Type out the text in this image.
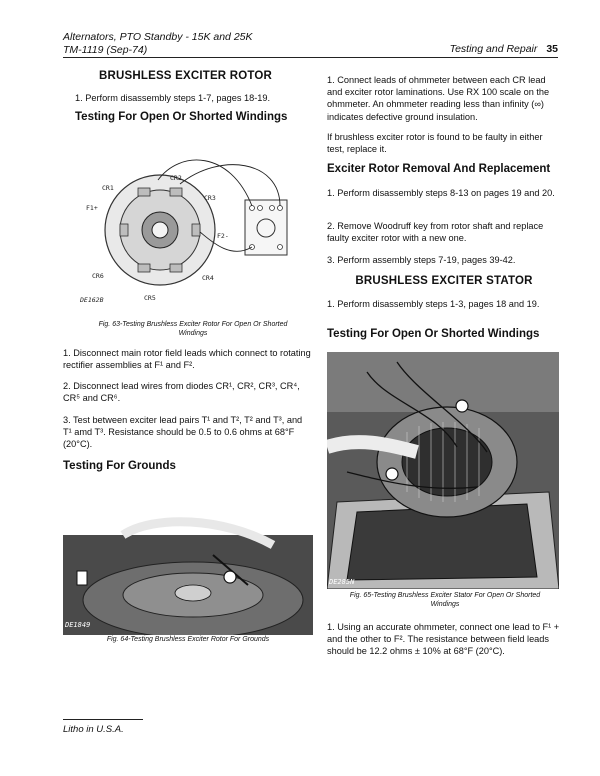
Alternators, PTO Standby - 15K and 25K
TM-1119 (Sep-74)	Testing and Repair 35
BRUSHLESS EXCITER ROTOR

1. Perform disassembly steps 1-7, pages 18-19.

Testing For Open Or Shorted Windings
CR1
CR2
CR3
F1+
F2-
CR6	CR4
CR5
DE162B
Fig. 63-Testing Brushless Exciter Rotor For Open Or Shorted Windings

1. Disconnect main rotor field leads which connect to rotating rectifier assemblies at F¹ and F².

2. Disconnect lead wires from diodes CR¹, CR², CR³, CR⁴, CR⁵ and CR⁶.

3. Test between exciter lead pairs T¹ and T², T² and T³, and T¹ amd T³. Resistance should be 0.5 to 0.6 ohms at 68°F (20°C).

Testing For Grounds
DE1849
Fig. 64-Testing Brushless Exciter Rotor For Grounds

1. Connect leads of ohmmeter between each CR lead and exciter rotor laminations. Use RX 100 scale on the ohmmeter. An ohmmeter reading less than infinity (∞) indicates defective ground insulation.

If brushless exciter rotor is found to be faulty in either test, replace it.

Exciter Rotor Removal And Replacement

1. Perform disassembly steps 8-13 on pages 19 and 20.

2. Remove Woodruff key from rotor shaft and replace faulty exciter rotor with a new one.

3. Perform assembly steps 7-19, pages 39-42.

BRUSHLESS EXCITER STATOR

1. Perform disassembly steps 1-3, pages 18 and 19.

Testing For Open Or Shorted Windings
DE285N
Fig. 65-Testing Brushless Exciter Stator For Open Or Shorted Windings

1. Using an accurate ohmmeter, connect one lead to F¹ + and the other to F². The resistance between field leads should be 12.2 ohms ± 10% at 68°F (20°C).

Litho in U.S.A.
